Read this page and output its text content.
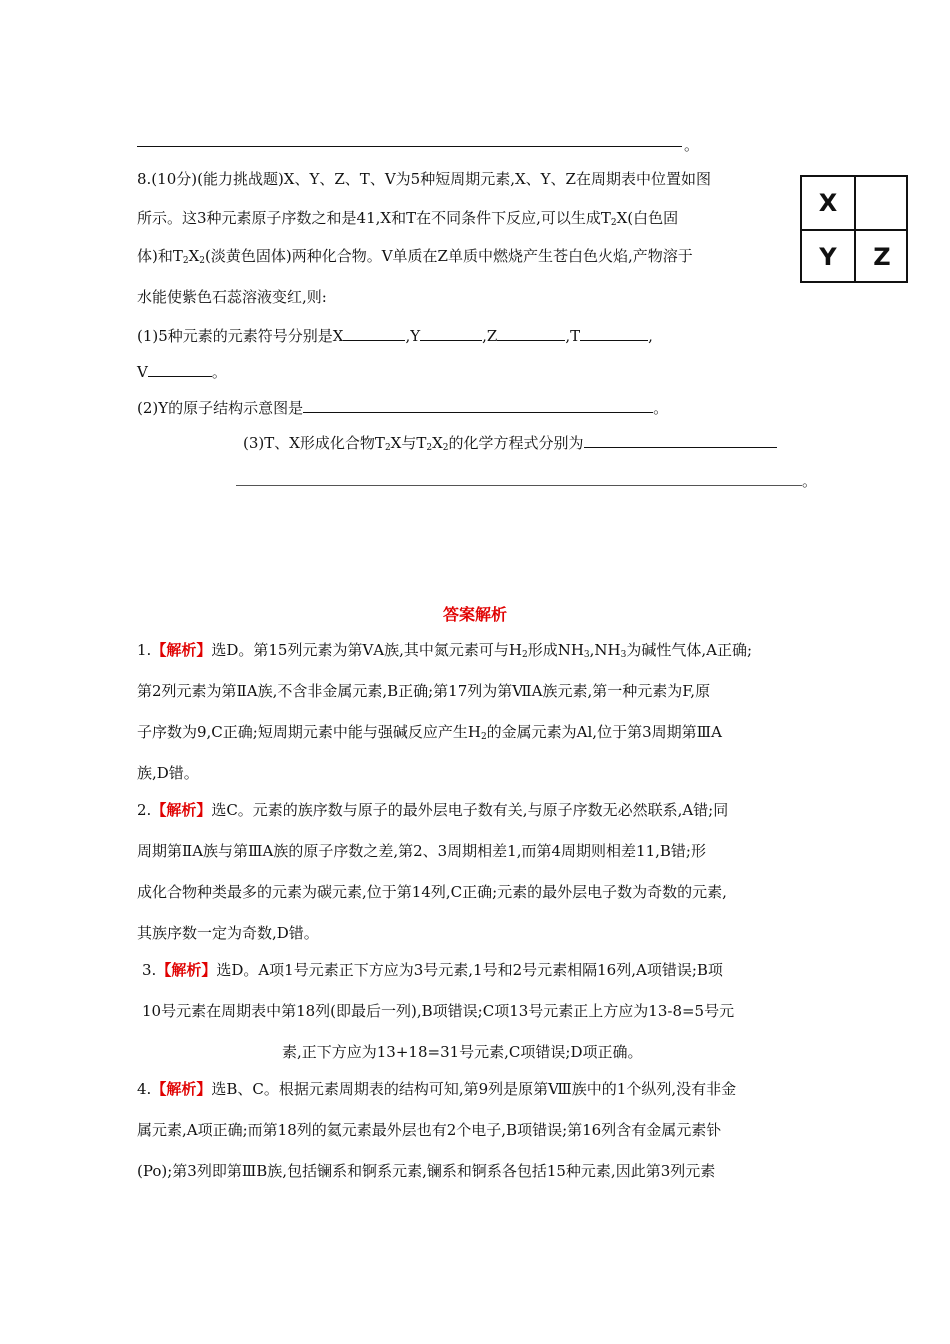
。
8.(10分)(能力挑战题)X、Y、Z、T、V为5种短周期元素,X、Y、Z在周期表中位置如图
所示。这3种元素原子序数之和是41,X和T在不同条件下反应,可以生成$T_2X$(白色固
体)和$T_2X_2$(淡黄色固体)两种化合物。V单质在Z单质中燃烧产生苍白色火焰,产物溶于
水能使紫色石蕊溶液变红,则:
(1)5种元素的元素符号分别是X	,Y	,Z	,T	,
V	。
(2)Y的原子结构示意图是	。
(3)T、X形成化合物$T_2X$与$T_2X_2$的化学方程式分别为
。
X
Y	Z
答案解析
1.【解析】选D。第15列元素为第ⅤA族,其中氮元素可与$H_2$形成$NH_3,NH_3$为碱性气体,A正确;
第2列元素为第ⅡA族,不含非金属元素,B正确;第17列为第ⅦA族元素,第一种元素为F,原
子序数为9,C正确;短周期元素中能与强碱反应产生$H_2$的金属元素为Al,位于第3周期第ⅢA
族,D错。
2.【解析】选C。元素的族序数与原子的最外层电子数有关,与原子序数无必然联系,A错;同
周期第ⅡA族与第ⅢA族的原子序数之差,第2、3周期相差1,而第4周期则相差11,B错;形
成化合物种类最多的元素为碳元素,位于第14列,C正确;元素的最外层电子数为奇数的元素,
其族序数一定为奇数,D错。
3.【解析】选D。A项1号元素正下方应为3号元素,1号和2号元素相隔16列,A项错误;B项
10号元素在周期表中第18列(即最后一列),B项错误;C项13号元素正上方应为13-8=5号元
素,正下方应为13+18=31号元素,C项错误;D项正确。
4.【解析】选B、C。根据元素周期表的结构可知,第9列是原第Ⅷ族中的1个纵列,没有非金
属元素,A项正确;而第18列的氦元素最外层也有2个电子,B项错误;第16列含有金属元素钋
(Po);第3列即第ⅢB族,包括镧系和锕系元素,镧系和锕系各包括15种元素,因此第3列元素
